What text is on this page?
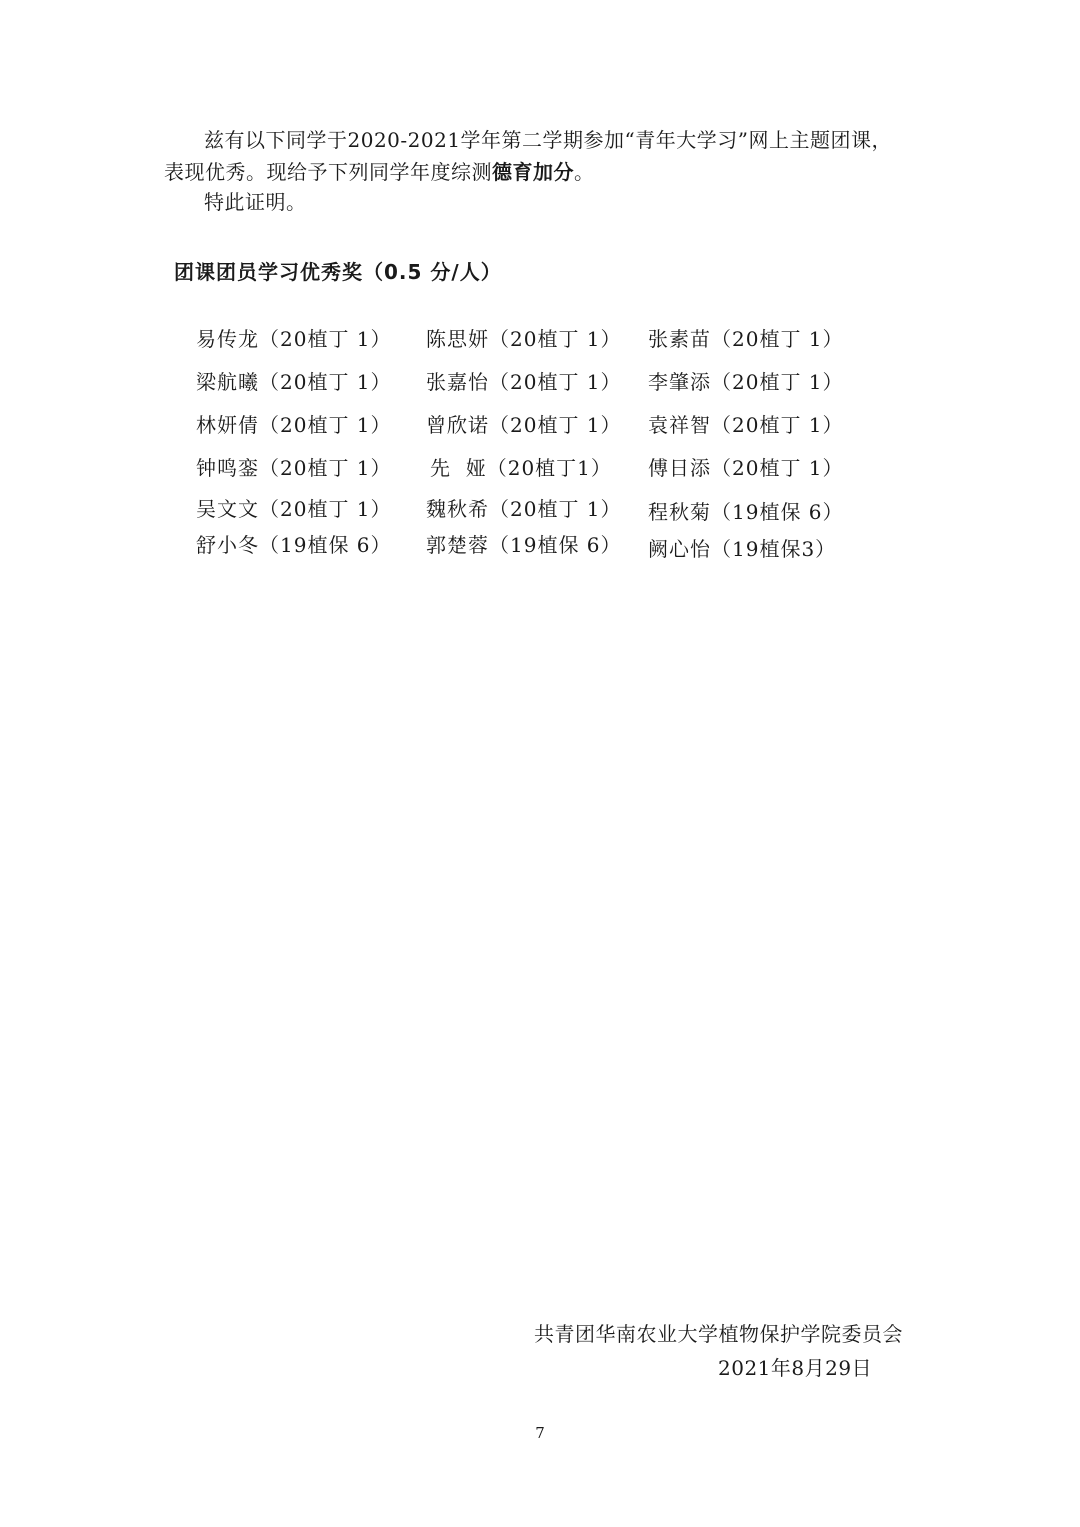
兹有以下同学于2020-2021学年第二学期参加“青年大学习”网上主题团课，表现优秀。现给予下列同学年度综测德育加分。
特此证明。
团课团员学习优秀奖（0.5 分/人）
易传龙（20植丁 1） 陈思妍（20植丁 1） 张素苗（20植丁 1）
梁航曦（20植丁 1） 张嘉怡（20植丁 1） 李肇添（20植丁 1）
林妍倩（20植丁 1） 曾欣诺（20植丁 1） 袁祥智（20植丁 1）
钟鸣銮（20植丁 1） 先  娅（20植丁1） 傅日添（20植丁 1）
吴文文（20植丁 1） 魏秋希（20植丁 1） 程秋菊（19植保 6）
舒小冬（19植保 6） 郭楚蓉（19植保 6） 阙心怡（19植保3）
共青团华南农业大学植物保护学院委员会
2021年8月29日
7
